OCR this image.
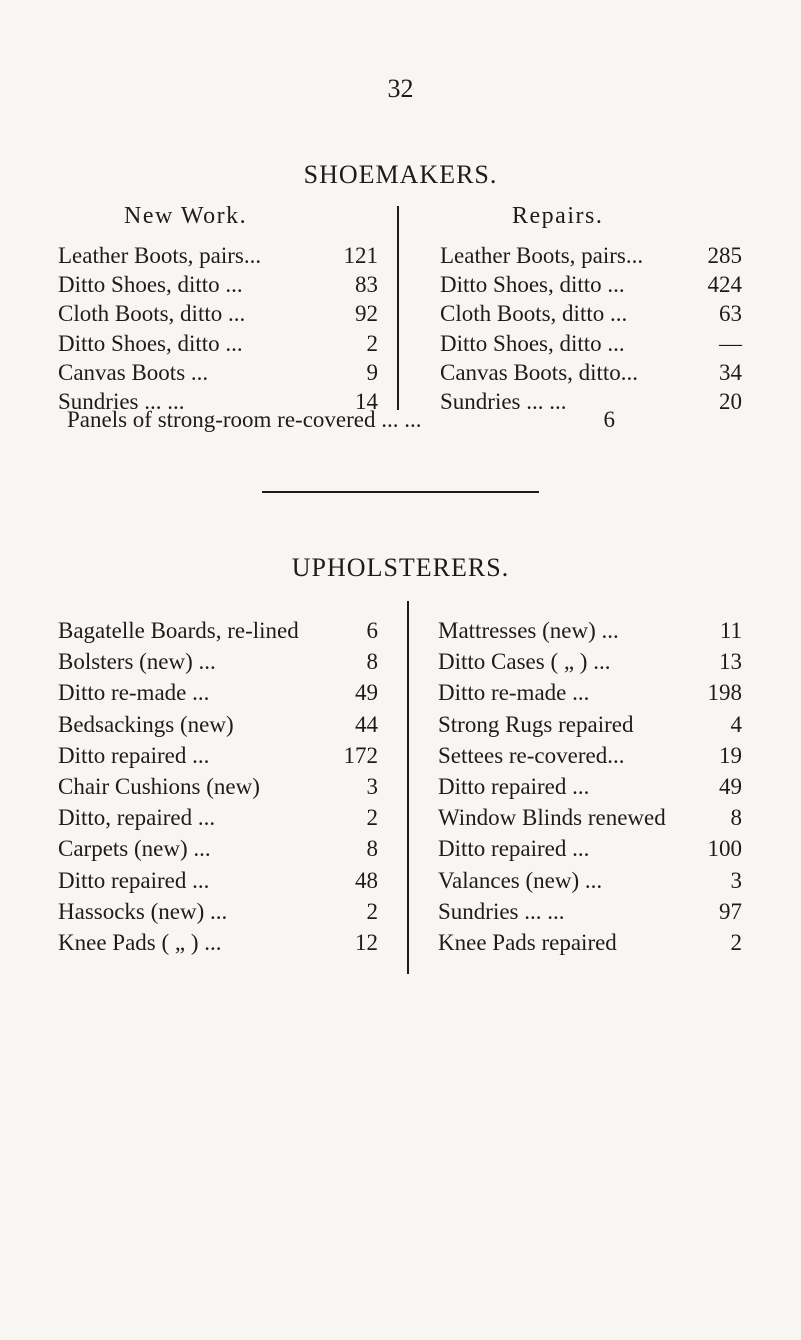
32
SHOEMAKERS.
New Work.	Repairs.
Leather Boots, pairs...	121
Ditto Shoes, ditto ...	83
Cloth Boots, ditto ...	92
Ditto Shoes, ditto ...	2
Canvas Boots ...	9
Sundries ... ...	14
Leather Boots, pairs...	285
Ditto Shoes, ditto ...	424
Cloth Boots, ditto ...	63
Ditto Shoes, ditto ...	—
Canvas Boots, ditto...	34
Sundries ... ...	20
Panels of strong-room re-covered ... ...	6
UPHOLSTERERS.
Bagatelle Boards, re-lined	6
Bolsters (new) ...	8
Ditto re-made ...	49
Bedsackings (new)	44
Ditto repaired ...	172
Chair Cushions (new)	3
Ditto, repaired ...	2
Carpets (new) ...	8
Ditto repaired ...	48
Hassocks (new) ...	2
Knee Pads ( „ ) ...	12
Mattresses (new) ...	11
Ditto Cases ( „ ) ...	13
Ditto re-made ...	198
Strong Rugs repaired	4
Settees re-covered...	19
Ditto repaired ...	49
Window Blinds renewed	8
Ditto repaired ...	100
Valances (new) ...	3
Sundries ... ...	97
Knee Pads repaired	2
